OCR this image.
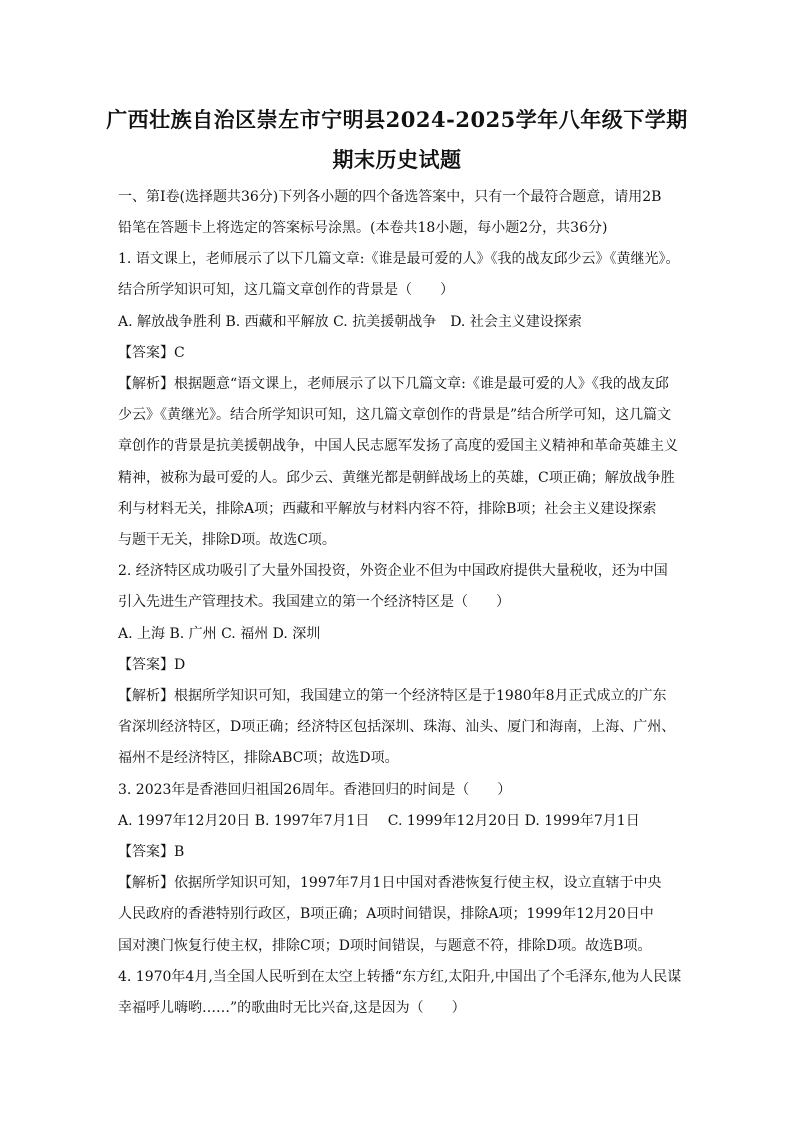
广西壮族自治区崇左市宁明县2024-2025学年八年级下学期
期末历史试题
一、第Ⅰ卷(选择题共36分)下列各小题的四个备选答案中，只有一个最符合题意，请用2B
铅笔在答题卡上将选定的答案标号涂黑。(本卷共18小题，每小题2分，共36分)
1. 语文课上，老师展示了以下几篇文章:《谁是最可爱的人》《我的战友邱少云》《黄继光》。
结合所学知识可知，这几篇文章创作的背景是（　　）
A. 解放战争胜利 B. 西藏和平解放 C. 抗美援朝战争　D. 社会主义建设探索
【答案】C
【解析】根据题意“语文课上，老师展示了以下几篇文章:《谁是最可爱的人》《我的战友邱
少云》《黄继光》。结合所学知识可知，这几篇文章创作的背景是”结合所学可知，这几篇文
章创作的背景是抗美援朝战争，中国人民志愿军发扬了高度的爱国主义精神和革命英雄主义
精神，被称为最可爱的人。邱少云、黄继光都是朝鲜战场上的英雄，C项正确；解放战争胜
利与材料无关，排除A项；西藏和平解放与材料内容不符，排除B项；社会主义建设探索
与题干无关，排除D项。故选C项。
2. 经济特区成功吸引了大量外国投资，外资企业不但为中国政府提供大量税收，还为中国
引入先进生产管理技术。我国建立的第一个经济特区是（　　）
A. 上海 B. 广州 C. 福州 D. 深圳
【答案】D
【解析】根据所学知识可知，我国建立的第一个经济特区是于1980年8月正式成立的广东
省深圳经济特区，D项正确；经济特区包括深圳、珠海、汕头、厦门和海南，上海、广州、
福州不是经济特区，排除ABC项；故选D项。
3. 2023年是香港回归祖国26周年。香港回归的时间是（　　）
A. 1997年12月20日 B. 1997年7月1日　 C. 1999年12月20日 D. 1999年7月1日
【答案】B
【解析】依据所学知识可知，1997年7月1日中国对香港恢复行使主权，设立直辖于中央
人民政府的香港特别行政区，B项正确；A项时间错误，排除A项；1999年12月20日中
国对澳门恢复行使主权，排除C项；D项时间错误，与题意不符，排除D项。故选B项。
4. 1970年4月,当全国人民听到在太空上转播“东方红,太阳升,中国出了个毛泽东,他为人民谋
幸福呼儿嗨哟……”的歌曲时无比兴奋,这是因为（　　）
